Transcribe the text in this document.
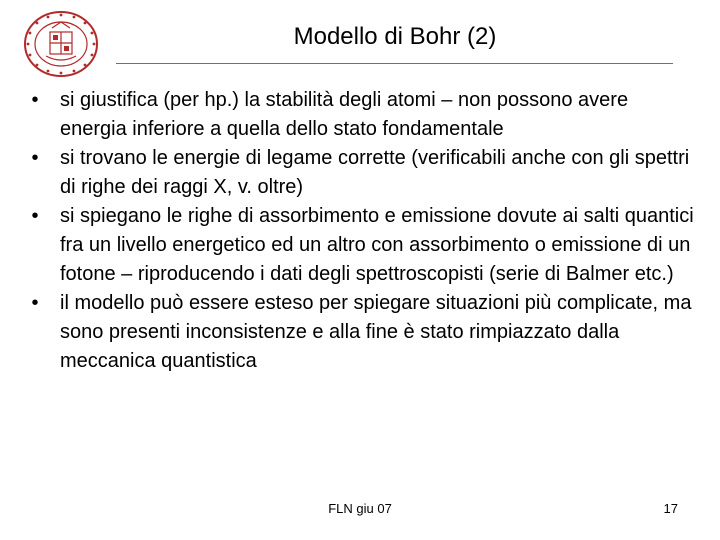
Modello di Bohr (2)
• si giustifica (per hp.) la stabilità degli atomi – non possono avere energia inferiore a quella dello stato fondamentale
• si trovano le energie di legame corrette (verificabili anche con gli spettri di righe dei raggi X, v. oltre)
• si spiegano le righe di assorbimento e emissione dovute ai salti quantici fra un livello energetico ed un altro con assorbimento o emissione di un fotone – riproducendo i dati degli spettroscopisti (serie di Balmer etc.)
• il modello può essere esteso per spiegare situazioni più complicate, ma sono presenti inconsistenze e alla fine è stato rimpiazzato dalla meccanica quantistica
FLN giu 07	17
